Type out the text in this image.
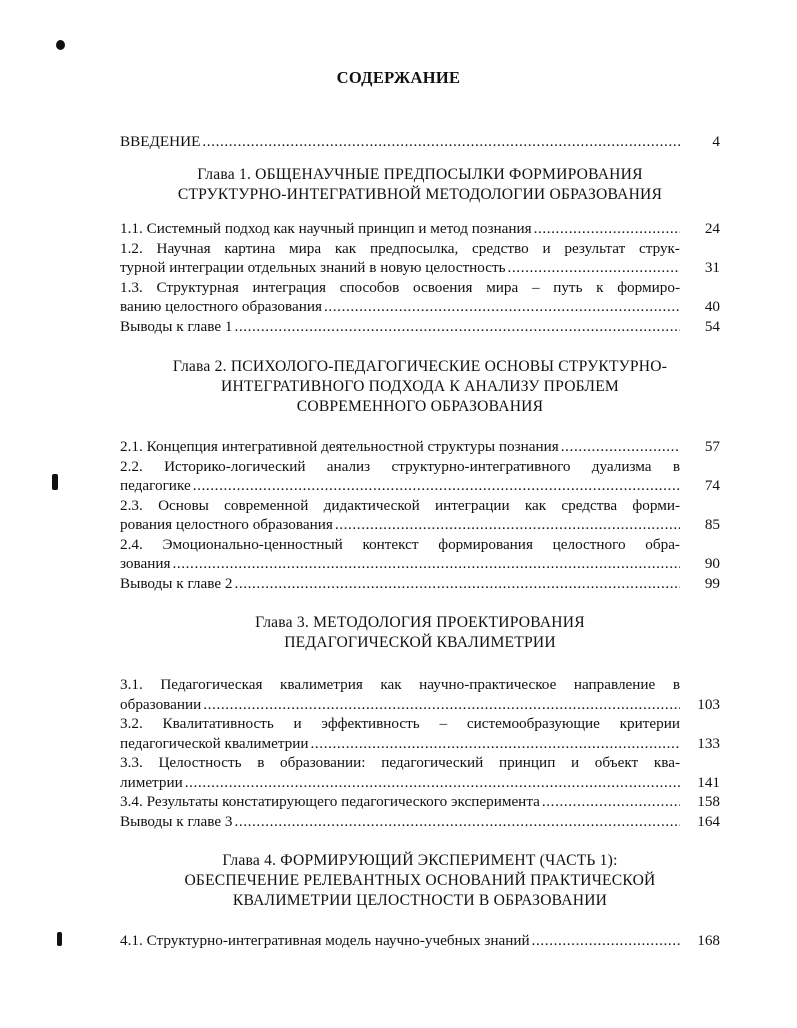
СОДЕРЖАНИЕ
ВВЕДЕНИЕ .....	4
Глава 1. ОБЩЕНАУЧНЫЕ ПРЕДПОСЫЛКИ ФОРМИРОВАНИЯ
СТРУКТУРНО-ИНТЕГРАТИВНОЙ МЕТОДОЛОГИИ ОБРАЗОВАНИЯ
1.1. Системный подход как научный принцип и метод познания .....	24
1.2. Научная картина мира как предпосылка, средство и результат струк-
турной интеграции отдельных знаний в новую целостность .....	31
1.3. Структурная интеграция способов освоения мира – путь к формиро-
ванию целостного образования .....	40
Выводы к главе 1 .....	54
Глава 2. ПСИХОЛОГО-ПЕДАГОГИЧЕСКИЕ ОСНОВЫ СТРУКТУРНО-
ИНТЕГРАТИВНОГО ПОДХОДА К АНАЛИЗУ ПРОБЛЕМ
СОВРЕМЕННОГО ОБРАЗОВАНИЯ
2.1. Концепция интегративной деятельностной структуры познания .....	57
2.2. Историко-логический анализ структурно-интегративного дуализма в
педагогике .....	74
2.3. Основы современной дидактической интеграции как средства форми-
рования целостного образования .....	85
2.4. Эмоционально-ценностный контекст формирования целостного обра-
зования .....	90
Выводы к главе 2 .....	99
Глава 3. МЕТОДОЛОГИЯ ПРОЕКТИРОВАНИЯ
ПЕДАГОГИЧЕСКОЙ КВАЛИМЕТРИИ
3.1. Педагогическая квалиметрия как научно-практическое направление в
образовании .....	103
3.2. Квалитативность и эффективность – системообразующие критерии
педагогической квалиметрии .....	133
3.3. Целостность в образовании: педагогический принцип и объект ква-
лиметрии .....	141
3.4. Результаты констатирующего педагогического эксперимента .....	158
Выводы к главе 3 .....	164
Глава 4. ФОРМИРУЮЩИЙ ЭКСПЕРИМЕНТ (ЧАСТЬ 1):
ОБЕСПЕЧЕНИЕ РЕЛЕВАНТНЫХ ОСНОВАНИЙ ПРАКТИЧЕСКОЙ
КВАЛИМЕТРИИ ЦЕЛОСТНОСТИ В ОБРАЗОВАНИИ
4.1. Структурно-интегративная модель научно-учебных знаний .....	168
